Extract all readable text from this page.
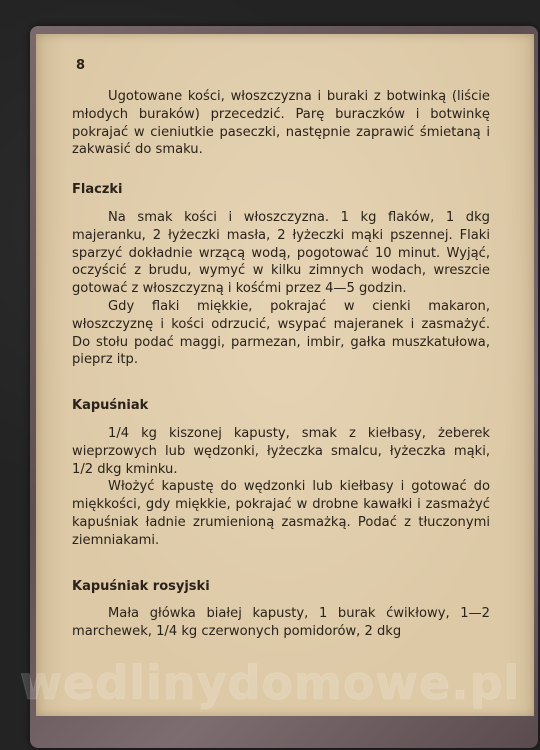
8

Ugotowane kości, włoszczyzna i buraki z botwinką (liście młodych buraków) przecedzić. Parę buraczków i botwinkę pokrajać w cieniutkie paseczki, następnie zaprawić śmietaną i zakwasić do smaku.

Flaczki

Na smak kości i włoszczyzna. 1 kg flaków, 1 dkg majeranku, 2 łyżeczki masła, 2 łyżeczki mąki pszennej. Flaki sparzyć dokładnie wrzącą wodą, pogotować 10 minut. Wyjąć, oczyścić z brudu, wymyć w kilku zimnych wodach, wreszcie gotować z włoszczyzną i kośćmi przez 4—5 godzin.

Gdy flaki miękkie, pokrajać w cienki makaron, włoszczyznę i kości odrzucić, wsypać majeranek i zasmażyć. Do stołu podać maggi, parmezan, imbir, gałka muszkatułowa, pieprz itp.

Kapuśniak

1/4 kg kiszonej kapusty, smak z kiełbasy, żeberek wieprzowych lub wędzonki, łyżeczka smalcu, łyżeczka mąki, 1/2 dkg kminku.

Włożyć kapustę do wędzonki lub kiełbasy i gotować do miękkości, gdy miękkie, pokrajać w drobne kawałki i zasmażyć kapuśniak ładnie zrumienioną zasmażką. Podać z tłuczonymi ziemniakami.

Kapuśniak rosyjski

Mała główka białej kapusty, 1 burak ćwikłowy, 1—2 marchewek, 1/4 kg czerwonych pomidorów, 2 dkg
